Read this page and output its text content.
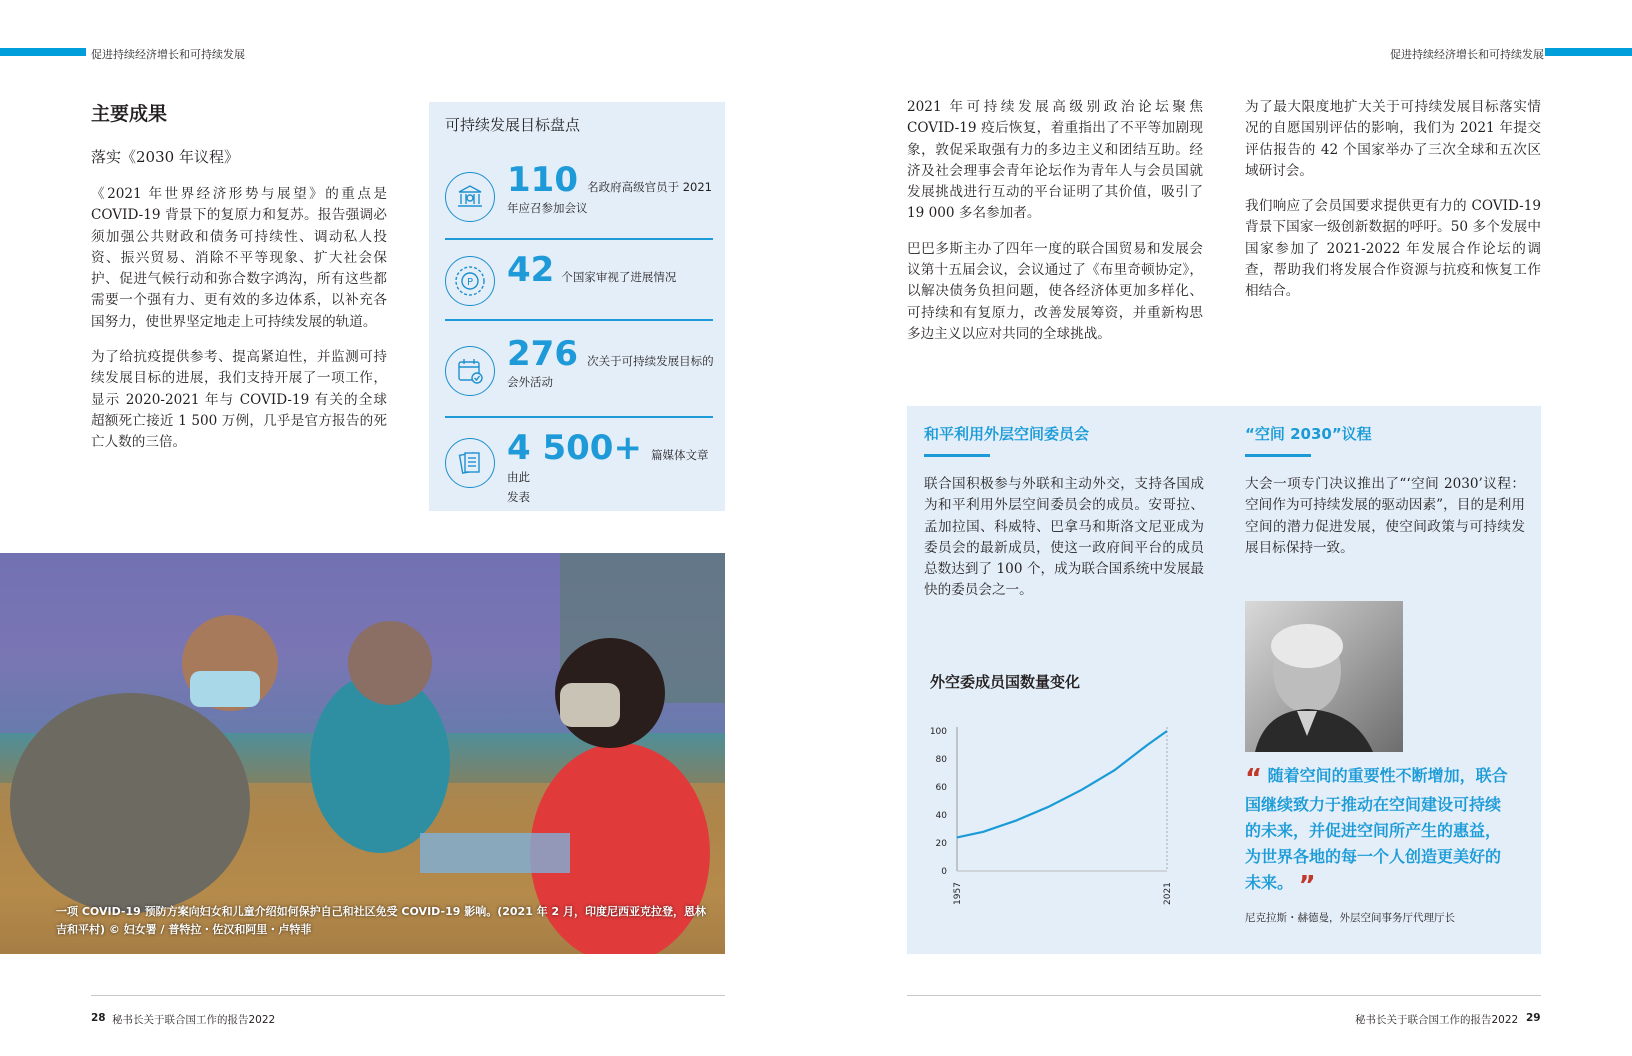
促进持续经济增长和可持续发展	促进持续经济增长和可持续发展
主要成果
落实《2030 年议程》

《2021 年世界经济形势与展望》的重点是 COVID-19 背景下的复原力和复苏。报告强调必须加强公共财政和债务可持续性、调动私人投资、振兴贸易、消除不平等现象、扩大社会保护、促进气候行动和弥合数字鸿沟，所有这些都需要一个强有力、更有效的多边体系，以补充各国努力，使世界坚定地走上可持续发展的轨道。

为了给抗疫提供参考、提高紧迫性，并监测可持续发展目标的进展，我们支持开展了一项工作，显示 2020-2021 年与 COVID-19 有关的全球超额死亡接近 1 500 万例，几乎是官方报告的死亡人数的三倍。

可持续发展目标盘点
110 名政府高级官员于 2021
年应召参加会议
P 42 个国家审视了进展情况
276 次关于可持续发展目标的
会外活动
4 500+ 篇媒体文章由此
发表
一项 COVID-19 预防方案向妇女和儿童介绍如何保护自己和社区免受 COVID-19 影响。(2021 年 2 月，印度尼西亚克拉登，恩林吉和平村) © 妇女署 / 普特拉・佐汉和阿里・卢特菲

2021 年可持续发展高级别政治论坛聚焦 COVID-19 疫后恢复，着重指出了不平等加剧现象，敦促采取强有力的多边主义和团结互助。经济及社会理事会青年论坛作为青年人与会员国就发展挑战进行互动的平台证明了其价值，吸引了 19 000 多名参加者。

巴巴多斯主办了四年一度的联合国贸易和发展会议第十五届会议，会议通过了《布里奇顿协定》，以解决债务负担问题，使各经济体更加多样化、可持续和有复原力，改善发展筹资，并重新构思多边主义以应对共同的全球挑战。

为了最大限度地扩大关于可持续发展目标落实情况的自愿国别评估的影响，我们为 2021 年提交评估报告的 42 个国家举办了三次全球和五次区域研讨会。

我们响应了会员国要求提供更有力的 COVID-19 背景下国家一级创新数据的呼吁。50 多个发展中国家参加了 2021-2022 年发展合作论坛的调查，帮助我们将发展合作资源与抗疫和恢复工作相结合。

和平利用外层空间委员会
联合国积极参与外联和主动外交，支持各国成为和平利用外层空间委员会的成员。安哥拉、孟加拉国、科威特、巴拿马和斯洛文尼亚成为委员会的最新成员，使这一政府间平台的成员总数达到了 100 个，成为联合国系统中发展最快的委员会之一。
“空间 2030”议程
大会一项专门决议推出了“‘空间 2030’议程：空间作为可持续发展的驱动因素”，目的是利用空间的潜力促进发展，使空间政策与可持续发展目标保持一致。
外空委成员国数量变化
0
20
40
60
80
100
1957	2021
“ 随着空间的重要性不断增加，联合国继续致力于推动在空间建设可持续的未来，并促进空间所产生的惠益，为世界各地的每一个人创造更美好的未来。 ”
尼克拉斯・赫德曼，外层空间事务厅代理厅长
28 秘书长关于联合国工作的报告2022	秘书长关于联合国工作的报告2022 29
